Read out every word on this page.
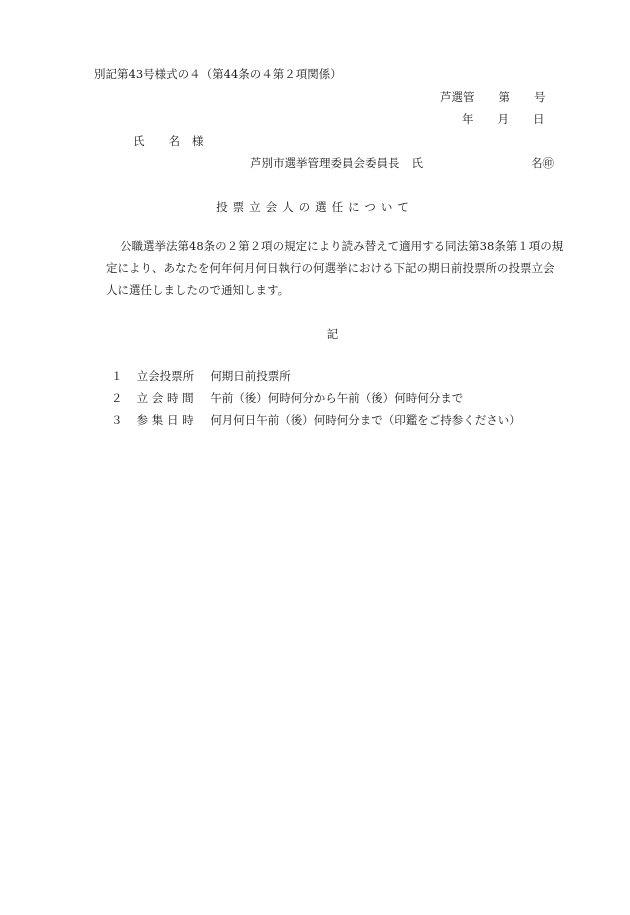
別記第43号様式の４（第44条の４第２項関係）
芦選管 第 号
年 月 日
氏 名 様
芦別市選挙管理委員会委員長 氏	名㊞
投票立会人の選任について
公職選挙法第48条の２第２項の規定により読み替えて適用する同法第38条第１項の規
定により、あなたを何年何月何日執行の何選挙における下記の期日前投票所の投票立会
人に選任しましたので通知します。
記
１ 立会投票所 何期日前投票所
２ 立 会 時 間 午前（後）何時何分から午前（後）何時何分まで
３ 参 集 日 時 何月何日午前（後）何時何分まで（印鑑をご持参ください）
